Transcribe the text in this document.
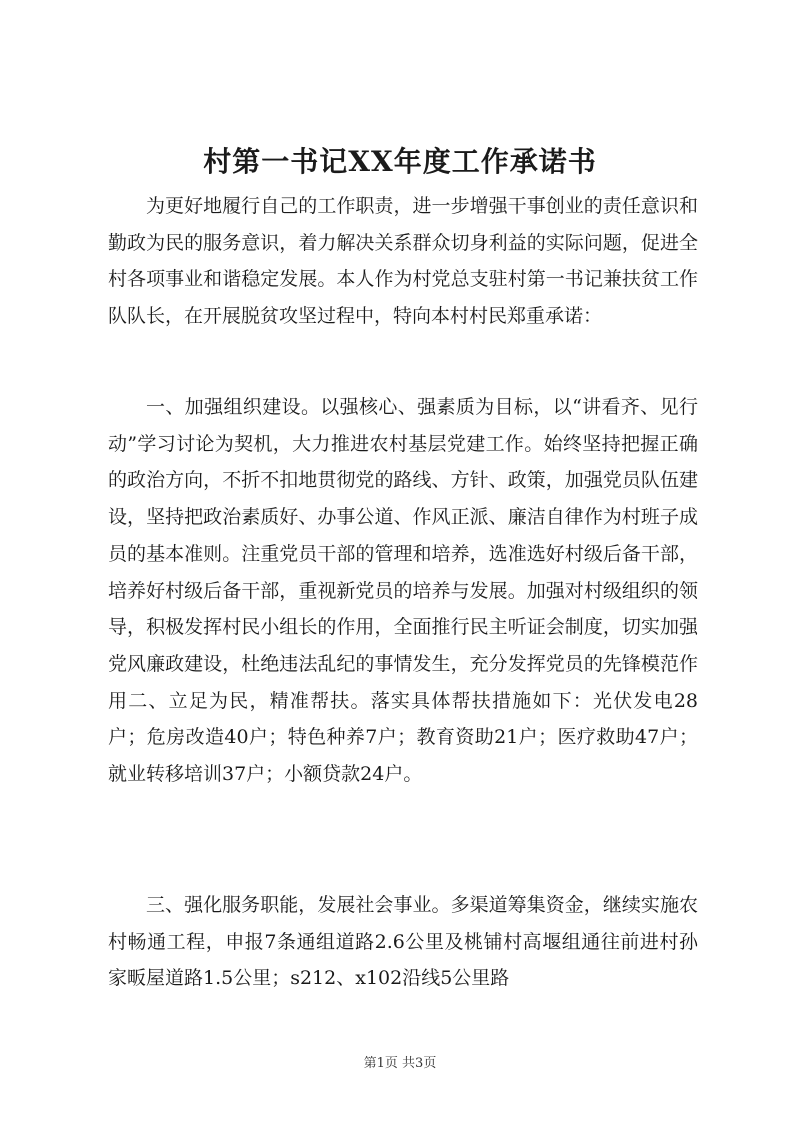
村第一书记XX年度工作承诺书

为更好地履行自己的工作职责，进一步增强干事创业的责任意识和勤政为民的服务意识，着力解决关系群众切身利益的实际问题，促进全村各项事业和谐稳定发展。本人作为村党总支驻村第一书记兼扶贫工作队队长，在开展脱贫攻坚过程中，特向本村村民郑重承诺：

一、加强组织建设。以强核心、强素质为目标，以“讲看齐、见行动”学习讨论为契机，大力推进农村基层党建工作。始终坚持把握正确的政治方向，不折不扣地贯彻党的路线、方针、政策，加强党员队伍建设，坚持把政治素质好、办事公道、作风正派、廉洁自律作为村班子成员的基本准则。注重党员干部的管理和培养，选准选好村级后备干部，培养好村级后备干部，重视新党员的培养与发展。加强对村级组织的领导，积极发挥村民小组长的作用，全面推行民主听证会制度，切实加强党风廉政建设，杜绝违法乱纪的事情发生，充分发挥党员的先锋模范作用二、立足为民，精准帮扶。落实具体帮扶措施如下：光伏发电28户；危房改造40户；特色种养7户；教育资助21户；医疗救助47户；就业转移培训37户；小额贷款24户。

三、强化服务职能，发展社会事业。多渠道筹集资金，继续实施农村畅通工程，申报7条通组道路2.6公里及桃铺村高堰组通往前进村孙家畈屋道路1.5公里；s212、x102沿线5公里路

第1页 共3页
